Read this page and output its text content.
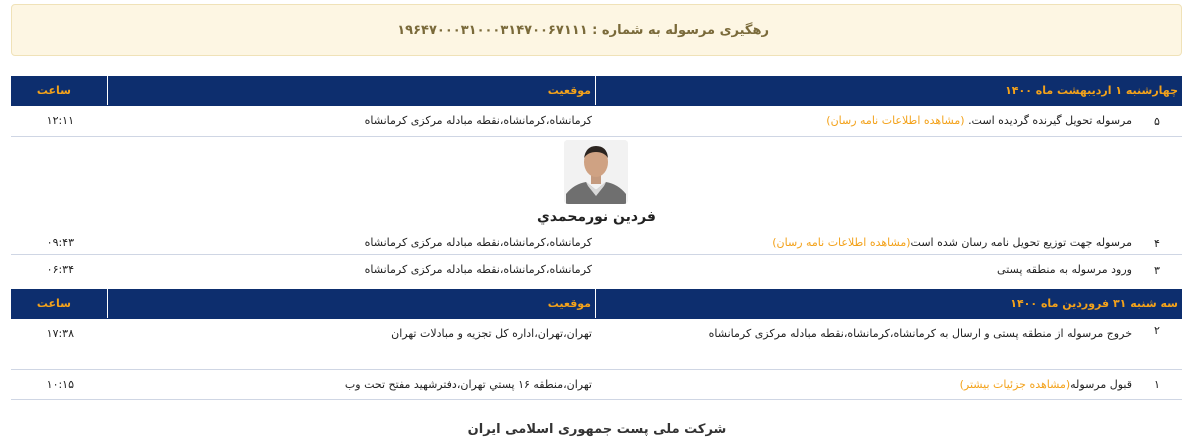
رهگیری مرسوله به شماره : ۱۹۶۴۷۰۰۰۳۱۰۰۰۳۱۴۷۰۰۶۷۱۱۱
چهارشنبه ۱ اردیبهشت ماه ۱۴۰۰
موقعیت
ساعت
۵
مرسوله تحویل گیرنده گردیده است. (مشاهده اطلاعات نامه رسان)
کرمانشاه،کرمانشاه،نقطه مبادله مرکزی کرمانشاه
۱۲:۱۱
فردین نورمحمدي
۴
مرسوله جهت توزیع تحویل نامه رسان شده است(مشاهده اطلاعات نامه رسان)
کرمانشاه،کرمانشاه،نقطه مبادله مرکزی کرمانشاه
۰۹:۴۳
۳
ورود مرسوله به منطقه پستی
کرمانشاه،کرمانشاه،نقطه مبادله مرکزی کرمانشاه
۰۶:۳۴
سه شنبه ۳۱ فروردین ماه ۱۴۰۰
موقعیت
ساعت
۲
خروج مرسوله از منطقه پستی و ارسال به کرمانشاه،کرمانشاه،نقطه مبادله مرکزی کرمانشاه
تهران،تهران،اداره کل تجزیه و مبادلات تهران
۱۷:۳۸
۱
قبول مرسوله(مشاهده جزئیات بیشتر)
تهران،منطقه ۱۶ پستي تهران،دفترشهيد مفتح تحت وب
۱۰:۱۵
شرکت ملی پست جمهوری اسلامی ایران
